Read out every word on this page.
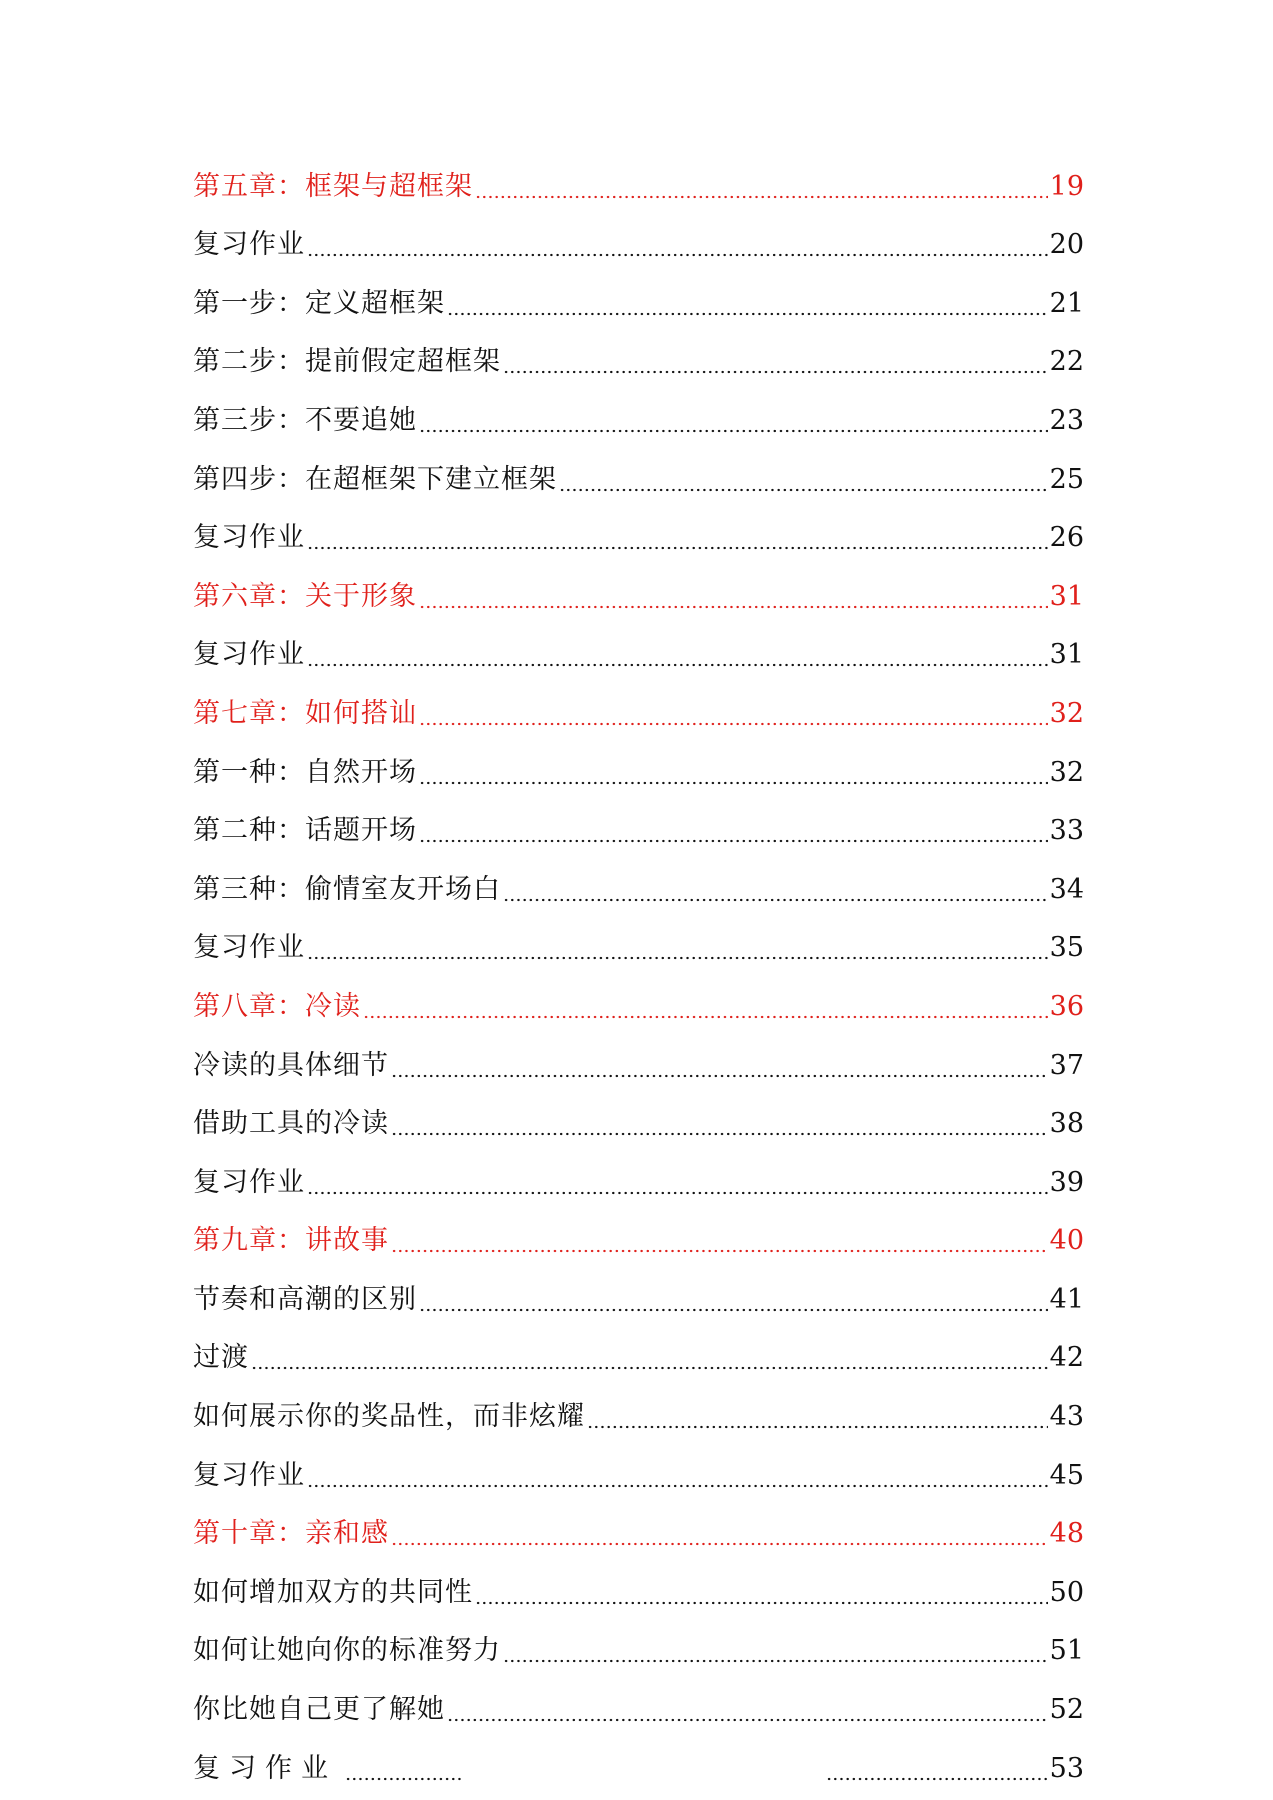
第五章：框架与超框架	19
复习作业	20
第一步：定义超框架	21
第二步：提前假定超框架	22
第三步：不要追她	23
第四步：在超框架下建立框架	25
复习作业	26
第六章：关于形象	31
复习作业	31
第七章：如何搭讪	32
第一种：自然开场	32
第二种：话题开场	33
第三种：偷情室友开场白	34
复习作业	35
第八章：冷读	36
冷读的具体细节	37
借助工具的冷读	38
复习作业	39
第九章：讲故事	40
节奏和高潮的区别	41
过渡	42
如何展示你的奖品性，而非炫耀	43
复习作业	45
第十章：亲和感	48
如何增加双方的共同性	50
如何让她向你的标准努力	51
你比她自己更了解她	52
复习作业	53
